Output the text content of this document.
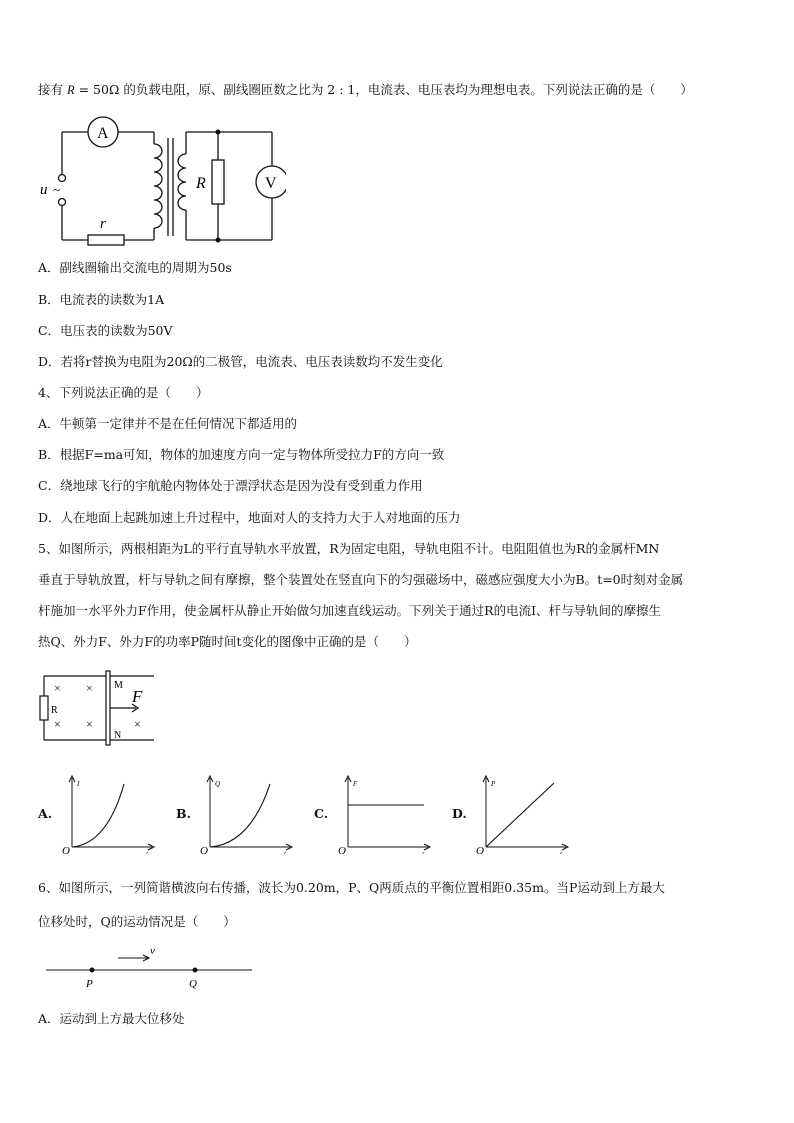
接有 R = 50Ω 的负载电阻，原、副线圈匝数之比为 2 : 1，电流表、电压表均为理想电表。下列说法正确的是（　　）
A
V
u ~
r
R
A．副线圈输出交流电的周期为50s
B．电流表的读数为1A
C．电压表的读数为50V
D．若将r替换为电阻为20Ω的二极管，电流表、电压表读数均不发生变化
4、下列说法正确的是（　　）
A．牛顿第一定律并不是在任何情况下都适用的
B．根据F=ma可知，物体的加速度方向一定与物体所受拉力F的方向一致
C．绕地球飞行的宇航舱内物体处于漂浮状态是因为没有受到重力作用
D．人在地面上起跳加速上升过程中，地面对人的支持力大于人对地面的压力
5、如图所示，两根相距为L的平行直导轨水平放置，R为固定电阻，导轨电阻不计。电阻阻值也为R的金属杆MN
垂直于导轨放置，杆与导轨之间有摩擦，整个装置处在竖直向下的匀强磁场中，磁感应强度大小为B。t=0时刻对金属
杆施加一水平外力F作用，使金属杆从静止开始做匀加速直线运动。下列关于通过R的电流I、杆与导轨间的摩擦生
热Q、外力F、外力F的功率P随时间t变化的图像中正确的是（　　）
× ×
× ×	×
R
M
N
F
A.	B.	C.	D.
I
t
O
Q
t
O
F
t
O
P
t
O
6、如图所示，一列简谐横波向右传播，波长为0.20m，P、Q两质点的平衡位置相距0.35m。当P运动到上方最大
位移处时，Q的运动情况是（　　）
v
P	Q
A．运动到上方最大位移处
